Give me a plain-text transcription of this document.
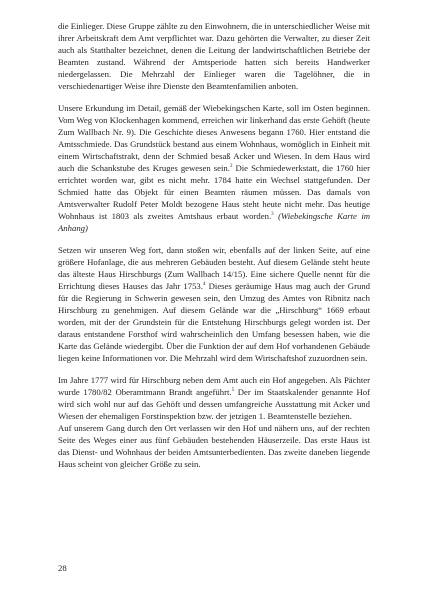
die Einlieger. Diese Gruppe zählte zu den Einwohnern, die in unterschiedlicher Weise mit ihrer Arbeitskraft dem Amt verpflichtet war. Dazu gehörten die Verwalter, zu dieser Zeit auch als Statthalter bezeichnet, denen die Leitung der landwirtschaftlichen Betriebe der Beamten zustand. Während der Amtsperiode hatten sich bereits Handwerker niedergelassen. Die Mehrzahl der Einlieger waren die Tagelöhner, die in verschiedenartiger Weise ihre Dienste den Beamtenfamilien anboten.

Unsere Erkundung im Detail, gemäß der Wiebekingschen Karte, soll im Osten beginnen. Vom Weg von Klockenhagen kommend, erreichen wir linkerhand das erste Gehöft (heute Zum Wallbach Nr. 9). Die Geschichte dieses Anwesens begann 1760. Hier entstand die Amtsschmiede. Das Grundstück bestand aus einem Wohnhaus, womöglich in Einheit mit einem Wirtschaftstrakt, denn der Schmied besaß Acker und Wiesen. In dem Haus wird auch die Schankstube des Kruges gewesen sein.$^2$ Die Schmiedewerkstatt, die 1760 hier errichtet worden war, gibt es nicht mehr. 1784 hatte ein Wechsel stattgefunden. Der Schmied hatte das Objekt für einen Beamten räumen müssen. Das damals von Amtsverwalter Rudolf Peter Moldt bezogene Haus steht heute nicht mehr. Das heutige Wohnhaus ist 1803 als zweites Amtshaus erbaut worden.$^3$ (Wiebekingsche Karte im Anhang)

Setzen wir unseren Weg fort, dann stoßen wir, ebenfalls auf der linken Seite, auf eine größere Hofanlage, die aus mehreren Gebäuden besteht. Auf diesem Gelände steht heute das älteste Haus Hirschburgs (Zum Wallbach 14/15). Eine sichere Quelle nennt für die Errichtung dieses Hauses das Jahr 1753.$^4$ Dieses geräumige Haus mag auch der Grund für die Regierung in Schwerin gewesen sein, den Umzug des Amtes von Ribnitz nach Hirschburg zu genehmigen. Auf diesem Gelände war die „Hirschburg“ 1669 erbaut worden, mit der der Grundstein für die Entstehung Hirschburgs gelegt worden ist. Der daraus entstandene Forsthof wird wahrscheinlich den Umfang besessen haben, wie die Karte das Gelände wiedergibt. Über die Funktion der auf dem Hof vorhandenen Gebäude liegen keine Informationen vor. Die Mehrzahl wird dem Wirtschaftshof zuzuordnen sein.

Im Jahre 1777 wird für Hirschburg neben dem Amt auch ein Hof angegeben. Als Pächter wurde 1780/82 Oberamtmann Brandt angeführt.$^5$ Der im Staatskalender genannte Hof wird sich wohl nur auf das Gehöft und dessen umfangreiche Ausstattung mit Acker und Wiesen der ehemaligen Forstinspektion bzw. der jetzigen 1. Beamtenstelle beziehen.

Auf unserem Gang durch den Ort verlassen wir den Hof und nähern uns, auf der rechten Seite des Weges einer aus fünf Gebäuden bestehenden Häuserzeile. Das erste Haus ist das Dienst- und Wohnhaus der beiden Amtsunterbedienten. Das zweite daneben liegende Haus scheint von gleicher Größe zu sein.

28
